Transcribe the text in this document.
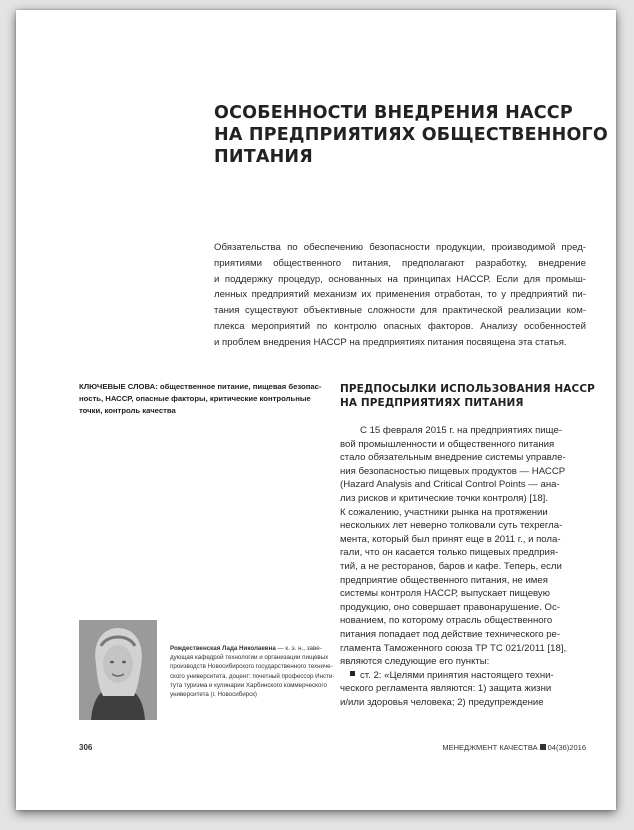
ОСОБЕННОСТИ ВНЕДРЕНИЯ НАССР
НА ПРЕДПРИЯТИЯХ ОБЩЕСТВЕННОГО
ПИТАНИЯ
Обязательства по обеспечению безопасности продукции, производимой пред-
приятиями общественного питания, предполагают разработку, внедрение
и поддержку процедур, основанных на принципах НАССР. Если для промыш-
ленных предприятий механизм их применения отработан, то у предприятий пи-
тания существуют объективные сложности для практической реализации ком-
плекса мероприятий по контролю опасных факторов. Анализу особенностей
и проблем внедрения НАССР на предприятиях питания посвящена эта статья.
КЛЮЧЕВЫЕ СЛОВА: общественное питание, пищевая безопас-
ность, НАССР, опасные факторы, критические контрольные
точки, контроль качества
ПРЕДПОСЫЛКИ ИСПОЛЬЗОВАНИЯ НАССР
НА ПРЕДПРИЯТИЯХ ПИТАНИЯ
С 15 февраля 2015 г. на предприятиях пище-
вой промышленности и общественного питания
стало обязательным внедрение системы управле-
ния безопасностью пищевых продуктов — НАССР
(Hazard Analysis and Critical Control Points — ана-
лиз рисков и критические точки контроля) [18].
К сожалению, участники рынка на протяжении
нескольких лет неверно толковали суть техрегла-
мента, который был принят еще в 2011 г., и пола-
гали, что он касается только пищевых предприя-
тий, а не ресторанов, баров и кафе. Теперь, если
предприятие общественного питания, не имея
системы контроля НАССР, выпускает пищевую
продукцию, оно совершает правонарушение. Ос-
нованием, по которому отрасль общественного
питания попадает под действие технического ре-
гламента Таможенного союза ТР ТС 021/2011 [18],
являются следующие его пункты:
ст. 2: «Целями принятия настоящего техни-
ческого регламента являются: 1) защита жизни
и/или здоровья человека; 2) предупреждение
Рождественская Лада Николаевна — к. э. н., заве-
дующая кафедрой технологии и организации пищевых
производств Новосибирского государственного техниче-
ского университета, доцент; почетный профессор Инсти-
тута туризма и кулинарии Харбинского коммерческого
университета (г. Новосибирск)
306	МЕНЕДЖМЕНТ КАЧЕСТВА 04(36)2016
